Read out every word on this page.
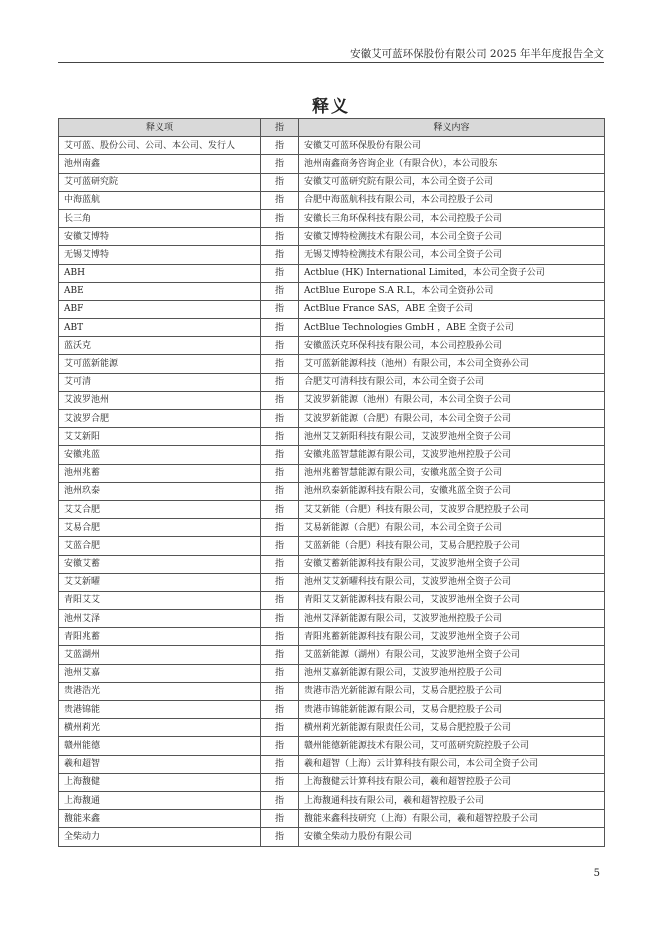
安徽艾可蓝环保股份有限公司 2025 年半年度报告全文
释义
释义项	指	释义内容
艾可蓝、股份公司、公司、本公司、发行人	指	安徽艾可蓝环保股份有限公司
池州南鑫	指	池州南鑫商务咨询企业（有限合伙），本公司股东
艾可蓝研究院	指	安徽艾可蓝研究院有限公司，本公司全资子公司
中海蓝航	指	合肥中海蓝航科技有限公司，本公司控股子公司
长三角	指	安徽长三角环保科技有限公司，本公司控股子公司
安徽艾博特	指	安徽艾博特检测技术有限公司，本公司全资子公司
无锡艾博特	指	无锡艾博特检测技术有限公司，本公司全资子公司
ABH	指	Actblue (HK) International Limited，本公司全资子公司
ABE	指	ActBlue Europe S.A R.L，本公司全资孙公司
ABF	指	ActBlue France SAS，ABE 全资子公司
ABT	指	ActBlue Technologies GmbH ，ABE 全资子公司
蓝沃克	指	安徽蓝沃克环保科技有限公司，本公司控股孙公司
艾可蓝新能源	指	艾可蓝新能源科技（池州）有限公司，本公司全资孙公司
艾可清	指	合肥艾可清科技有限公司，本公司全资子公司
艾波罗池州	指	艾波罗新能源（池州）有限公司，本公司全资子公司
艾波罗合肥	指	艾波罗新能源（合肥）有限公司，本公司全资子公司
艾艾新阳	指	池州艾艾新阳科技有限公司，艾波罗池州全资子公司
安徽兆蓝	指	安徽兆蓝智慧能源有限公司，艾波罗池州控股子公司
池州兆蓄	指	池州兆蓄智慧能源有限公司，安徽兆蓝全资子公司
池州玖泰	指	池州玖泰新能源科技有限公司，安徽兆蓝全资子公司
艾艾合肥	指	艾艾新能（合肥）科技有限公司，艾波罗合肥控股子公司
艾易合肥	指	艾易新能源（合肥）有限公司，本公司全资子公司
艾蓝合肥	指	艾蓝新能（合肥）科技有限公司，艾易合肥控股子公司
安徽艾蓄	指	安徽艾蓄新能源科技有限公司，艾波罗池州全资子公司
艾艾新曜	指	池州艾艾新曜科技有限公司，艾波罗池州全资子公司
青阳艾艾	指	青阳艾艾新能源科技有限公司，艾波罗池州全资子公司
池州艾泽	指	池州艾泽新能源有限公司，艾波罗池州控股子公司
青阳兆蓄	指	青阳兆蓄新能源科技有限公司，艾波罗池州全资子公司
艾蓝湖州	指	艾蓝新能源（湖州）有限公司，艾波罗池州全资子公司
池州艾嘉	指	池州艾嘉新能源有限公司，艾波罗池州控股子公司
贵港浩光	指	贵港市浩光新能源有限公司，艾易合肥控股子公司
贵港锦能	指	贵港市锦能新能源有限公司，艾易合肥控股子公司
横州莉光	指	横州莉光新能源有限责任公司，艾易合肥控股子公司
赣州能德	指	赣州能德新能源技术有限公司，艾可蓝研究院控股子公司
羲和超智	指	羲和超智（上海）云计算科技有限公司，本公司全资子公司
上海馥健	指	上海馥健云计算科技有限公司，羲和超智控股子公司
上海馥通	指	上海馥通科技有限公司，羲和超智控股子公司
馥能来鑫	指	馥能来鑫科技研究（上海）有限公司，羲和超智控股子公司
全柴动力	指	安徽全柴动力股份有限公司
5
